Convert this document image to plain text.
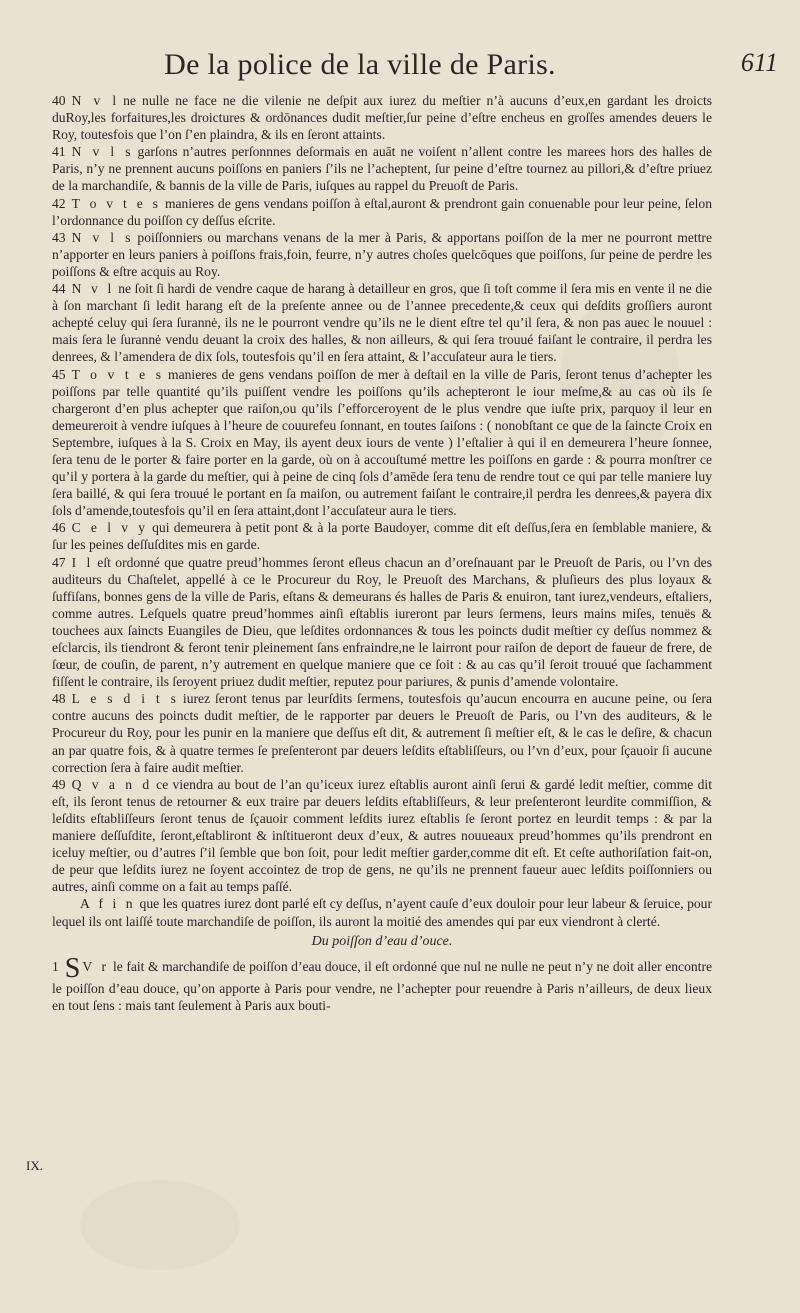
De la police de la ville de Paris.	611

40 N v l ne nulle ne face ne die vilenie ne deſpit aux iurez du meſtier n’à aucuns d’eux,en gardant les droicts duRoy,les forfaitures,les droictures & ordōnances dudit meſtier,ſur peine d’eſtre encheus en groſſes amendes deuers le Roy, toutesfois que l’on ſ’en plaindra, & ils en ſeront attaints.

41 N v l s garſons n’autres perſonnnes deſormais en auāt ne voiſent n’allent contre les marees hors des halles de Paris, n’y ne prennent aucuns poiſſons en paniers ſ’ils ne l’acheptent, ſur peine d’eſtre tournez au pillori,& d’eſtre priuez de la marchandiſe, & bannis de la ville de Paris, iuſques au rappel du Preuoſt de Paris.

42 T o v t e s manieres de gens vendans poiſſon à eſtal,auront & prendront gain conuenable pour leur peine, ſelon l’ordonnance du poiſſon cy deſſus eſcrite.

43 N v l s poiſſonniers ou marchans venans de la mer à Paris, & apportans poiſſon de la mer ne pourront mettre n’apporter en leurs paniers à poiſſons frais,foin, feurre, n’y autres choſes quelcōques que poiſſons, ſur peine de perdre les poiſſons & eſtre acquis au Roy.

44 N v l ne ſoit ſi hardi de vendre caque de harang à detailleur en gros, que ſi toſt comme il ſera mis en vente il ne die à ſon marchant ſi ledit harang eſt de la preſente annee ou de l’annee precedente,& ceux qui deſdits groſſiers auront achepté celuy qui ſera ſurannė, ils ne le pourront vendre qu’ils ne le dient eſtre tel qu’il ſera, & non pas auec le nouuel : mais ſera le ſurannė vendu deuant la croix des halles, & non ailleurs, & qui ſera trouué faiſant le contraire, il perdra les denrees, & l’amendera de dix ſols, toutesfois qu’il en ſera attaint, & l’accuſateur aura le tiers.

45 T o v t e s manieres de gens vendans poiſſon de mer à deſtail en la ville de Paris, ſeront tenus d’achepter les poiſſons par telle quantité qu’ils puiſſent vendre les poiſſons qu’ils achepteront le iour meſme,& au cas où ils ſe chargeront d’en plus achepter que raiſon,ou qu’ils ſ’efforceroyent de le plus vendre que iuſte prix, parquoy il leur en demeureroit à vendre iuſques à l’heure de couurefeu ſonnant, en toutes ſaiſons : ( nonobſtant ce que de la ſaincte Croix en Septembre, iuſques à la S. Croix en May, ils ayent deux iours de vente ) l’eſtalier à qui il en demeurera l’heure ſonnee, ſera tenu de le porter & faire porter en la garde, où on à accouſtumé mettre les poiſſons en garde : & pourra monſtrer ce qu’il y portera à la garde du meſtier, qui à peine de cinq ſols d’amēde ſera tenu de rendre tout ce qui par telle maniere luy ſera baillé, & qui ſera trouué le portant en ſa maiſon, ou autrement faiſant le contraire,il perdra les denrees,& payera dix ſols d’amende,toutesfois qu’il en ſera attaint,dont l’accuſateur aura le tiers.

46 C e l v y qui demeurera à petit pont & à la porte Baudoyer, comme dit eſt deſſus,ſera en ſemblable maniere, & ſur les peines deſſuſdites mis en garde.

47 I l eſt ordonné que quatre preud’hommes ſeront eſleus chacun an d’oreſnauant par le Preuoſt de Paris, ou l’vn des auditeurs du Chaſtelet, appellé à ce le Procureur du Roy, le Preuoſt des Marchans, & pluſieurs des plus loyaux & ſuffiſans, bonnes gens de la ville de Paris, eſtans & demeurans és halles de Paris & enuiron, tant iurez,vendeurs, eſtaliers, comme autres. Leſquels quatre preud’hommes ainſi eſtablis iureront par leurs ſermens, leurs mains miſes, tenuës & touchees aux ſaincts Euangiles de Dieu, que leſdites ordonnances & tous les poincts dudit meſtier cy deſſus nommez & eſclarcis, ils tiendront & feront tenir pleinement ſans enfraindre,ne le lairront pour raiſon de deport de faueur de frere, de ſœur, de couſin, de parent, n’y autrement en quelque maniere que ce ſoit : & au cas qu’il ſeroit trouué que ſachamment fiſſent le contraire, ils ſeroyent priuez dudit meſtier, reputez pour pariures, & punis d’amende volontaire.

48 L e s d i t s iurez ſeront tenus par leurſdits ſermens, toutesfois qu’aucun encourra en aucune peine, ou ſera contre aucuns des poincts dudit meſtier, de le rapporter par deuers le Preuoſt de Paris, ou l’vn des auditeurs, & le Procureur du Roy, pour les punir en la maniere que deſſus eſt dit, & autrement ſi meſtier eſt, & le cas le deſire, & chacun an par quatre fois, & à quatre termes ſe preſenteront par deuers leſdits eſtabliſſeurs, ou l’vn d’eux, pour ſçauoir ſi aucune correction ſera à faire audit meſtier.

49 Q v a n d ce viendra au bout de l’an qu’iceux iurez eſtablis auront ainſi ſerui & gardé ledit meſtier, comme dit eſt, ils ſeront tenus de retourner & eux traire par deuers leſdits eſtabliſſeurs, & leur preſenteront leurdite commiſſion, & leſdits eſtabliſſeurs ſeront tenus de ſçauoir comment leſdits iurez eſtablis ſe ſeront portez en leurdit temps : & par la maniere deſſuſdite, ſeront,eſtabliront & inſtitueront deux d’eux, & autres nouueaux preud’hommes qu’ils prendront en iceluy meſtier, ou d’autres ſ’il ſemble que bon ſoit, pour ledit meſtier garder,comme dit eſt. Et ceſte authoriſation fait-on, de peur que leſdits iurez ne ſoyent accointez de trop de gens, ne qu’ils ne prennent faueur auec leſdits poiſſonniers ou autres, ainſi comme on a fait au temps paſſé.

A f i n que les quatres iurez dont parlé eſt cy deſſus, n’ayent cauſe d’eux douloir pour leur labeur & ſeruice, pour lequel ils ont laiſſé toute marchandiſe de poiſſon, ils auront la moitié des amendes qui par eux viendront à clerté.

Du poiſſon d’eau d’ouce.

1 S V r le fait & marchandiſe de poiſſon d’eau douce, il eſt ordonné que nul ne nulle ne peut n’y ne doit aller encontre le poiſſon d’eau douce, qu’on apporte à Paris pour vendre, ne l’achepter pour reuendre à Paris n’ailleurs, de deux lieux en tout ſens : mais tant ſeulement à Paris aux bouti-

IX.
